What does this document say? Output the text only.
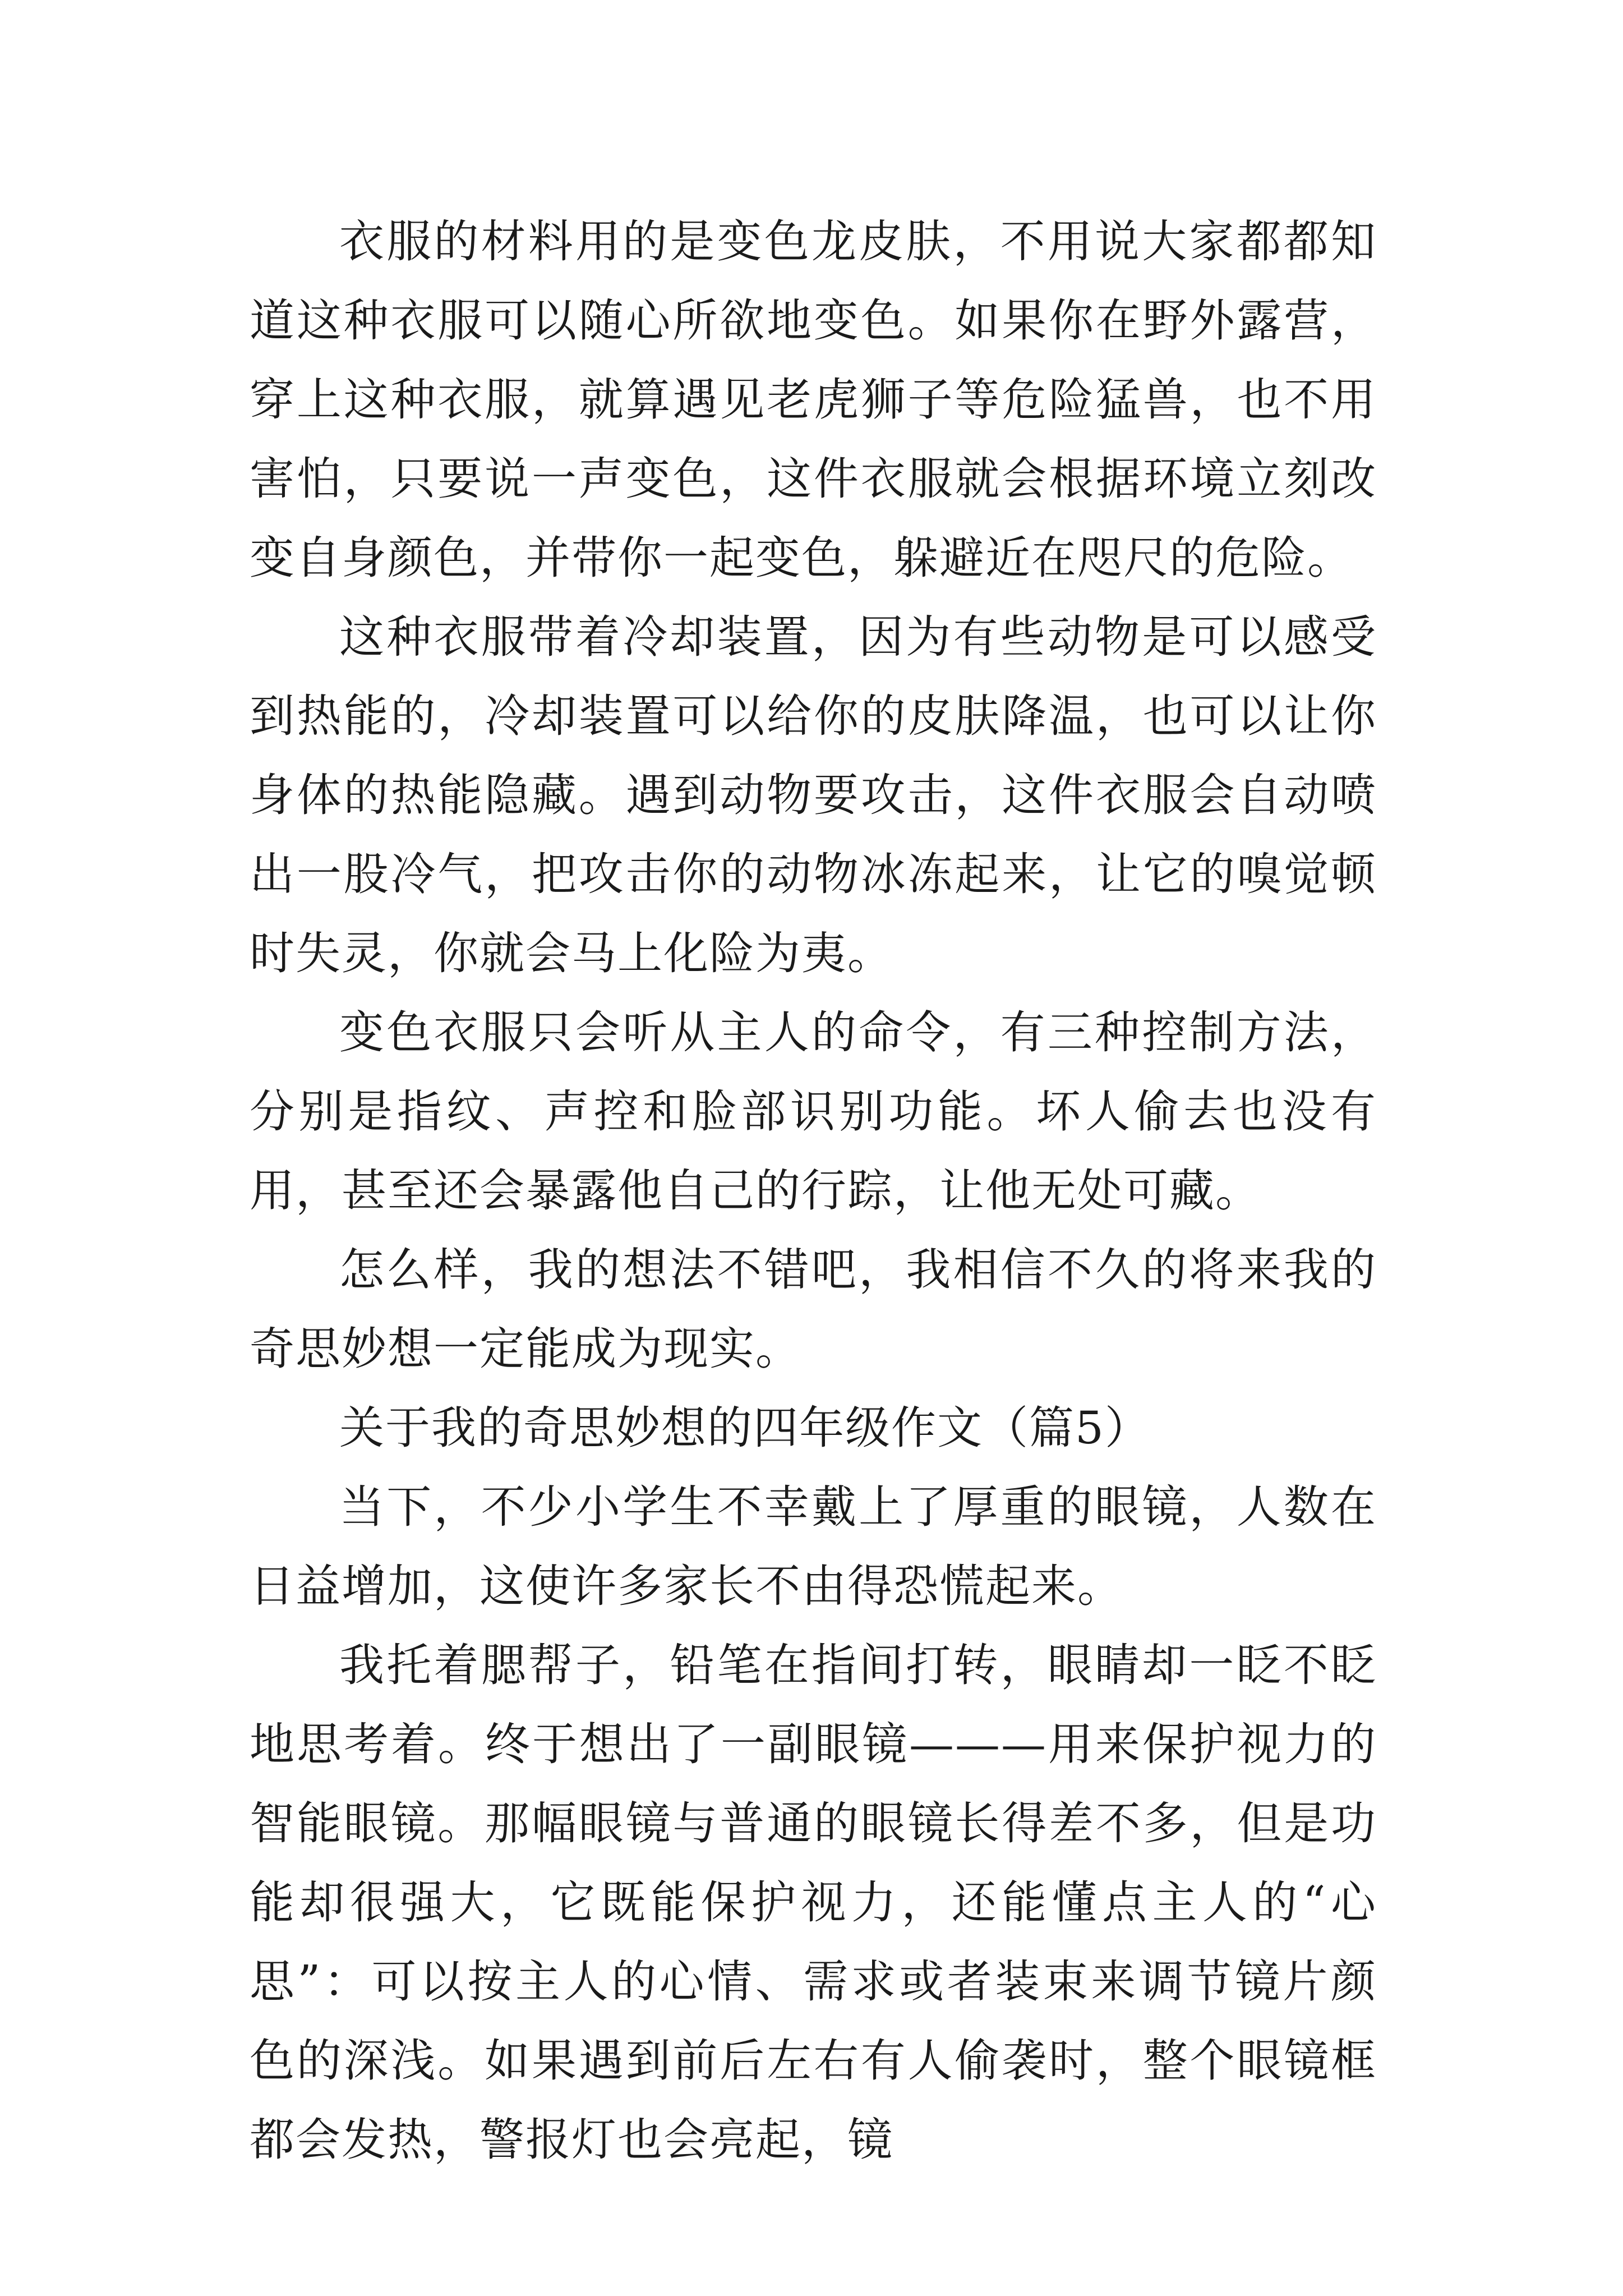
衣服的材料用的是变色龙皮肤，不用说大家都都知道这种衣服可以随心所欲地变色。如果你在野外露营，穿上这种衣服，就算遇见老虎狮子等危险猛兽，也不用害怕，只要说一声变色，这件衣服就会根据环境立刻改变自身颜色，并带你一起变色，躲避近在咫尺的危险。

这种衣服带着冷却装置，因为有些动物是可以感受到热能的，冷却装置可以给你的皮肤降温，也可以让你身体的热能隐藏。遇到动物要攻击，这件衣服会自动喷出一股冷气，把攻击你的动物冰冻起来，让它的嗅觉顿时失灵，你就会马上化险为夷。

变色衣服只会听从主人的命令，有三种控制方法，分别是指纹、声控和脸部识别功能。坏人偷去也没有用，甚至还会暴露他自己的行踪，让他无处可藏。

怎么样，我的想法不错吧，我相信不久的将来我的奇思妙想一定能成为现实。

关于我的奇思妙想的四年级作文（篇5）

当下，不少小学生不幸戴上了厚重的眼镜，人数在日益增加，这使许多家长不由得恐慌起来。

我托着腮帮子，铅笔在指间打转，眼睛却一眨不眨地思考着。终于想出了一副眼镜———用来保护视力的智能眼镜。那幅眼镜与普通的眼镜长得差不多，但是功能却很强大，它既能保护视力，还能懂点主人的“心思”：可以按主人的心情、需求或者装束来调节镜片颜色的深浅。如果遇到前后左右有人偷袭时，整个眼镜框都会发热，警报灯也会亮起，镜
